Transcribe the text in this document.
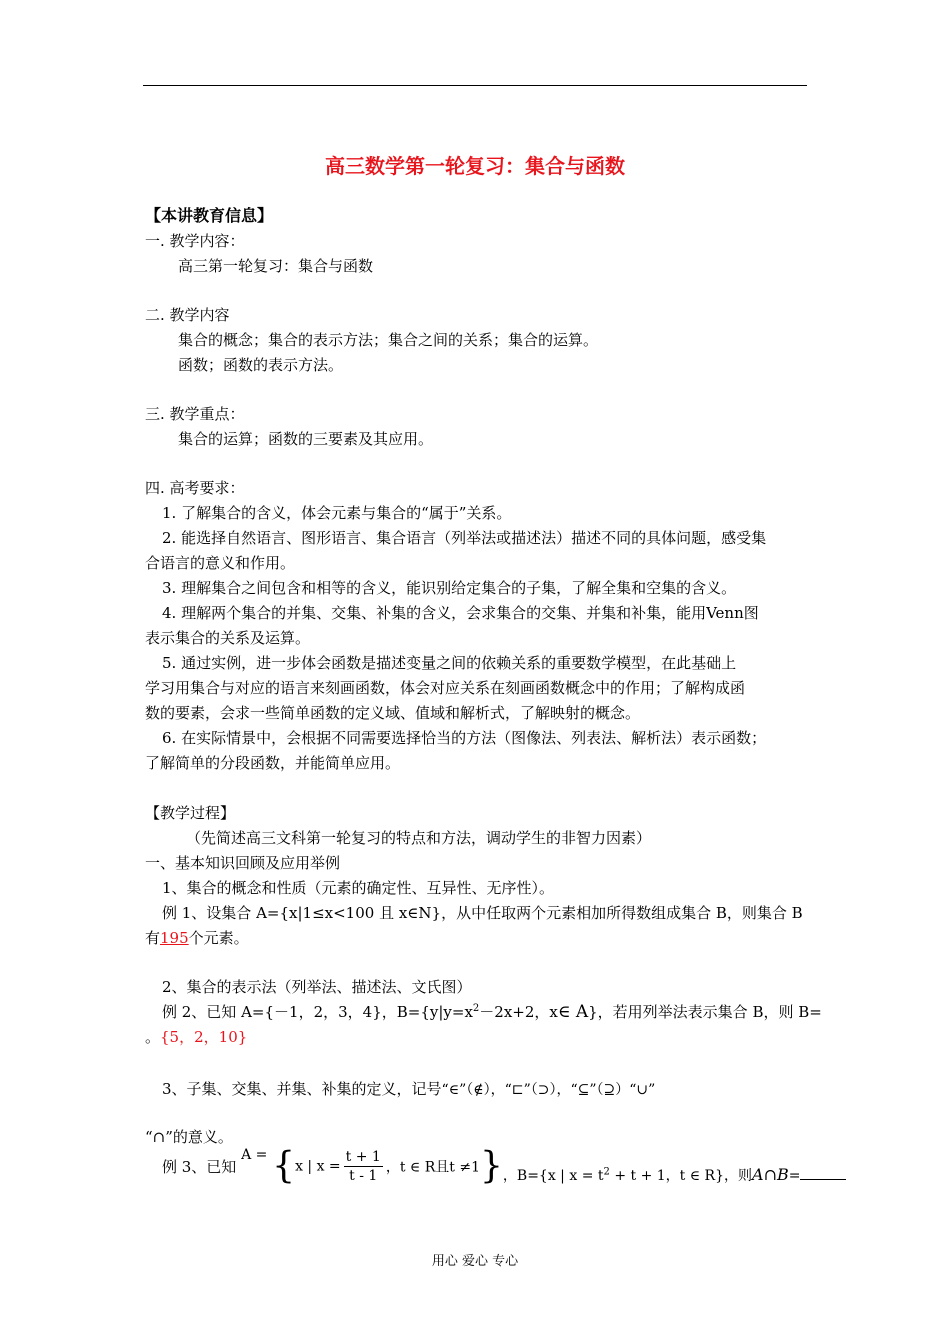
高三数学第一轮复习：集合与函数
【本讲教育信息】
一. 教学内容：
高三第一轮复习：集合与函数
二. 教学内容
集合的概念；集合的表示方法；集合之间的关系；集合的运算。
函数；函数的表示方法。
三. 教学重点：
集合的运算；函数的三要素及其应用。
四. 高考要求：
1. 了解集合的含义，体会元素与集合的“属于”关系。
2. 能选择自然语言、图形语言、集合语言（列举法或描述法）描述不同的具体问题，感受集
合语言的意义和作用。
3. 理解集合之间包含和相等的含义，能识别给定集合的子集，了解全集和空集的含义。
4. 理解两个集合的并集、交集、补集的含义，会求集合的交集、并集和补集，能用Venn图
表示集合的关系及运算。
5. 通过实例，进一步体会函数是描述变量之间的依赖关系的重要数学模型，在此基础上
学习用集合与对应的语言来刻画函数，体会对应关系在刻画函数概念中的作用；了解构成函
数的要素，会求一些简单函数的定义域、值域和解析式，了解映射的概念。
6. 在实际情景中，会根据不同需要选择恰当的方法（图像法、列表法、解析法）表示函数；
了解简单的分段函数，并能简单应用。
【教学过程】
（先简述高三文科第一轮复习的特点和方法，调动学生的非智力因素）
一、基本知识回顾及应用举例
1、集合的概念和性质（元素的确定性、互异性、无序性）。
例 1、设集合 A={x|1≤x<100 且 x∈N}，从中任取两个元素相加所得数组成集合 B，则集合 B
有195个元素。
2、集合的表示法（列举法、描述法、文氏图）
例 2、已知 A={－1，2，3，4}，$B=\{y|y=x^2-2x+2$，x∈ A}，若用列举法表示集合 B，则 B=
。{5，2，10}
3、子集、交集、并集、补集的定义，记号“∈”（∉），“⊏”（⊃），“⊆”（⊇）“∪”
“∩”的意义。
例 3、已知 A = {x | $x = \frac{t + 1}{t - 1}$ ，t ∈ R且t ≠1}，B={x | $x = t^2 + t + 1$，t ∈ R}，则A∩B=
用心 爱心 专心
